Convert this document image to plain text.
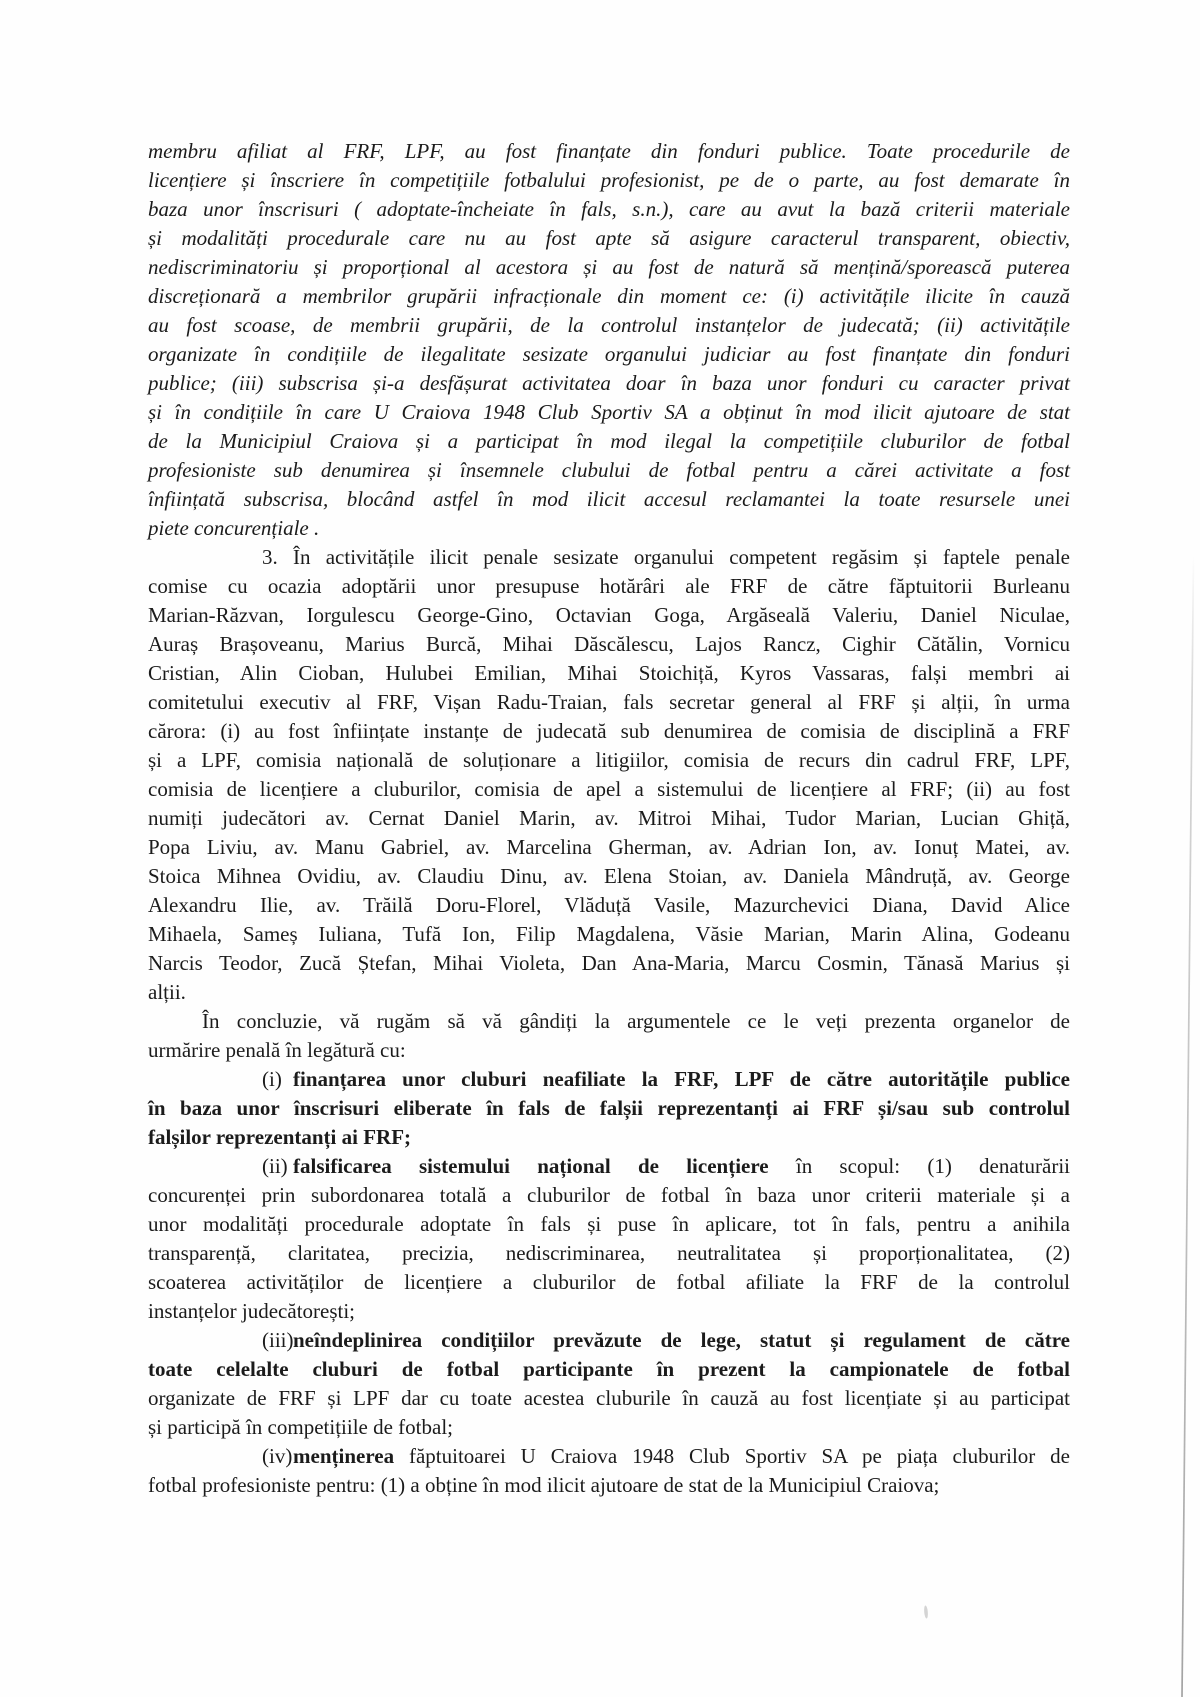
membru afiliat al FRF, LPF, au fost finanțate din fonduri publice. Toate procedurile de
licențiere și înscriere în competițiile fotbalului profesionist, pe de o parte, au fost demarate în
baza unor înscrisuri ( adoptate-încheiate în fals, s.n.), care au avut la bază criterii materiale
și modalități procedurale care nu au fost apte să asigure caracterul transparent, obiectiv,
nediscriminatoriu și proporțional al acestora și au fost de natură să mențină/sporească puterea
discreționară a membrilor grupării infracționale din moment ce: (i) activitățile ilicite în cauză
au fost scoase, de membrii grupării, de la controlul instanțelor de judecată; (ii) activitățile
organizate în condițiile de ilegalitate sesizate organului judiciar au fost finanțate din fonduri
publice; (iii) subscrisa și-a desfășurat activitatea doar în baza unor fonduri cu caracter privat
și în condițiile în care U Craiova 1948 Club Sportiv SA a obținut în mod ilicit ajutoare de stat
de la Municipiul Craiova și a participat în mod ilegal la competițiile cluburilor de fotbal
profesioniste sub denumirea și însemnele clubului de fotbal pentru a cărei activitate a fost
înființată subscrisa, blocând astfel în mod ilicit accesul reclamantei la toate resursele unei
piete concurențiale .
3. În activitățile ilicit penale sesizate organului competent regăsim și faptele penale
comise cu ocazia adoptării unor presupuse hotărâri ale FRF de către făptuitorii Burleanu
Marian-Răzvan, Iorgulescu George-Gino, Octavian Goga, Argăseală Valeriu, Daniel Niculae,
Auraș Brașoveanu, Marius Burcă, Mihai Dăscălescu, Lajos Rancz, Cighir Cătălin, Vornicu
Cristian, Alin Cioban, Hulubei Emilian, Mihai Stoichiță, Kyros Vassaras, falși membri ai
comitetului executiv al FRF, Vișan Radu-Traian, fals secretar general al FRF și alții, în urma
cărora: (i) au fost înființate instanțe de judecată sub denumirea de comisia de disciplină a FRF
și a LPF, comisia națională de soluționare a litigiilor, comisia de recurs din cadrul FRF, LPF,
comisia de licențiere a cluburilor, comisia de apel a sistemului de licențiere al FRF; (ii) au fost
numiți judecători av. Cernat Daniel Marin, av. Mitroi Mihai, Tudor Marian, Lucian Ghiță,
Popa Liviu, av. Manu Gabriel, av. Marcelina Gherman, av. Adrian Ion, av. Ionuț Matei, av.
Stoica Mihnea Ovidiu, av. Claudiu Dinu, av. Elena Stoian, av. Daniela Mândruță, av. George
Alexandru Ilie, av. Trăilă Doru-Florel, Vlăduță Vasile, Mazurchevici Diana, David Alice
Mihaela, Sameș Iuliana, Tufă Ion, Filip Magdalena, Văsie Marian, Marin Alina, Godeanu
Narcis Teodor, Zucă Ștefan, Mihai Violeta, Dan Ana-Maria, Marcu Cosmin, Tănasă Marius și
alții.
În concluzie, vă rugăm să vă gândiți la argumentele ce le veți prezenta organelor de
urmărire penală în legătură cu:
(i) finanțarea unor cluburi neafiliate la FRF, LPF de către autoritățile publice
în baza unor înscrisuri eliberate în fals de falșii reprezentanți ai FRF și/sau sub controlul
falșilor reprezentanți ai FRF;
(ii) falsificarea sistemului național de licențiere în scopul: (1) denaturării
concurenței prin subordonarea totală a cluburilor de fotbal în baza unor criterii materiale și a
unor modalități procedurale adoptate în fals și puse în aplicare, tot în fals, pentru a anihila
transparență, claritatea, precizia, nediscriminarea, neutralitatea și proporționalitatea, (2)
scoaterea activităților de licențiere a cluburilor de fotbal afiliate la FRF de la controlul
instanțelor judecătorești;
(iii)neîndeplinirea condițiilor prevăzute de lege, statut și regulament de către
toate celelalte cluburi de fotbal participante în prezent la campionatele de fotbal
organizate de FRF și LPF dar cu toate acestea cluburile în cauză au fost licențiate și au participat
și participă în competițiile de fotbal;
(iv)menținerea făptuitoarei U Craiova 1948 Club Sportiv SA pe piața cluburilor de
fotbal profesioniste pentru: (1) a obține în mod ilicit ajutoare de stat de la Municipiul Craiova;
